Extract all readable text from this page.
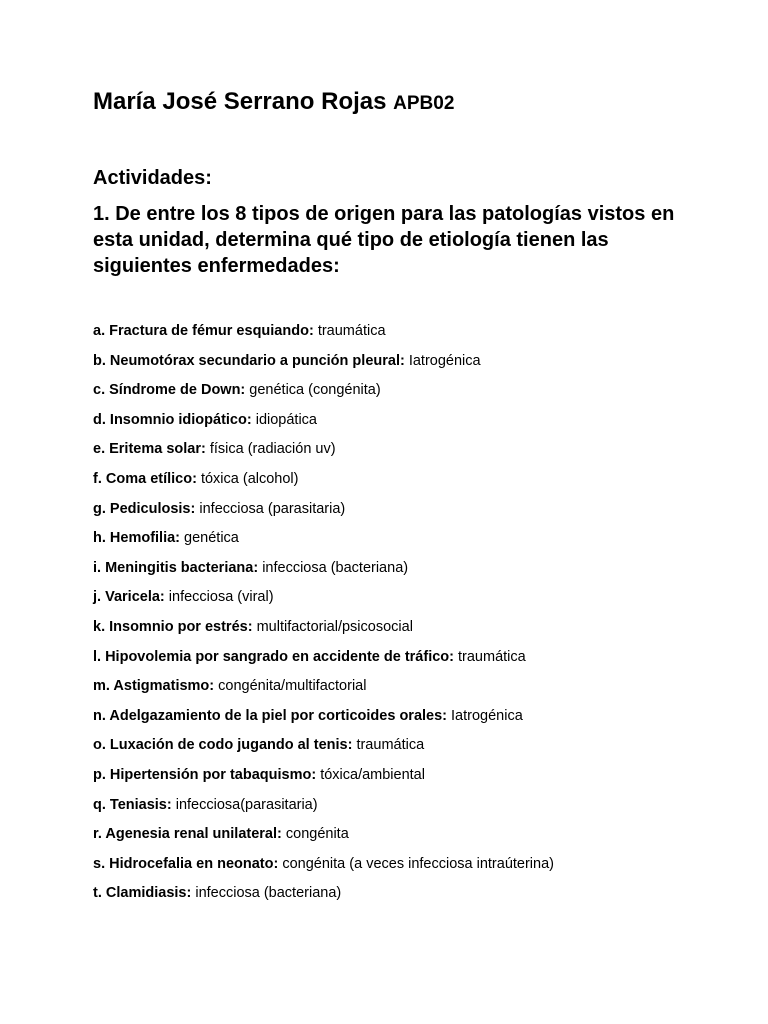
María José Serrano Rojas APB02
Actividades:

1. De entre los 8 tipos de origen para las patologías vistos en esta unidad, determina qué tipo de etiología tienen las siguientes enfermedades:

a. Fractura de fémur esquiando: traumática
b. Neumotórax secundario a punción pleural: Iatrogénica
c. Síndrome de Down: genética (congénita)
d. Insomnio idiopático: idiopática
e. Eritema solar: física (radiación uv)
f. Coma etílico: tóxica (alcohol)
g. Pediculosis: infecciosa (parasitaria)
h. Hemofilia: genética
i. Meningitis bacteriana: infecciosa (bacteriana)
j. Varicela: infecciosa (viral)
k. Insomnio por estrés: multifactorial/psicosocial
l. Hipovolemia por sangrado en accidente de tráfico: traumática
m. Astigmatismo: congénita/multifactorial
n. Adelgazamiento de la piel por corticoides orales: Iatrogénica
o. Luxación de codo jugando al tenis: traumática
p. Hipertensión por tabaquismo: tóxica/ambiental
q. Teniasis: infecciosa(parasitaria)
r. Agenesia renal unilateral: congénita
s. Hidrocefalia en neonato: congénita (a veces infecciosa intraúterina)
t. Clamidiasis: infecciosa (bacteriana)
